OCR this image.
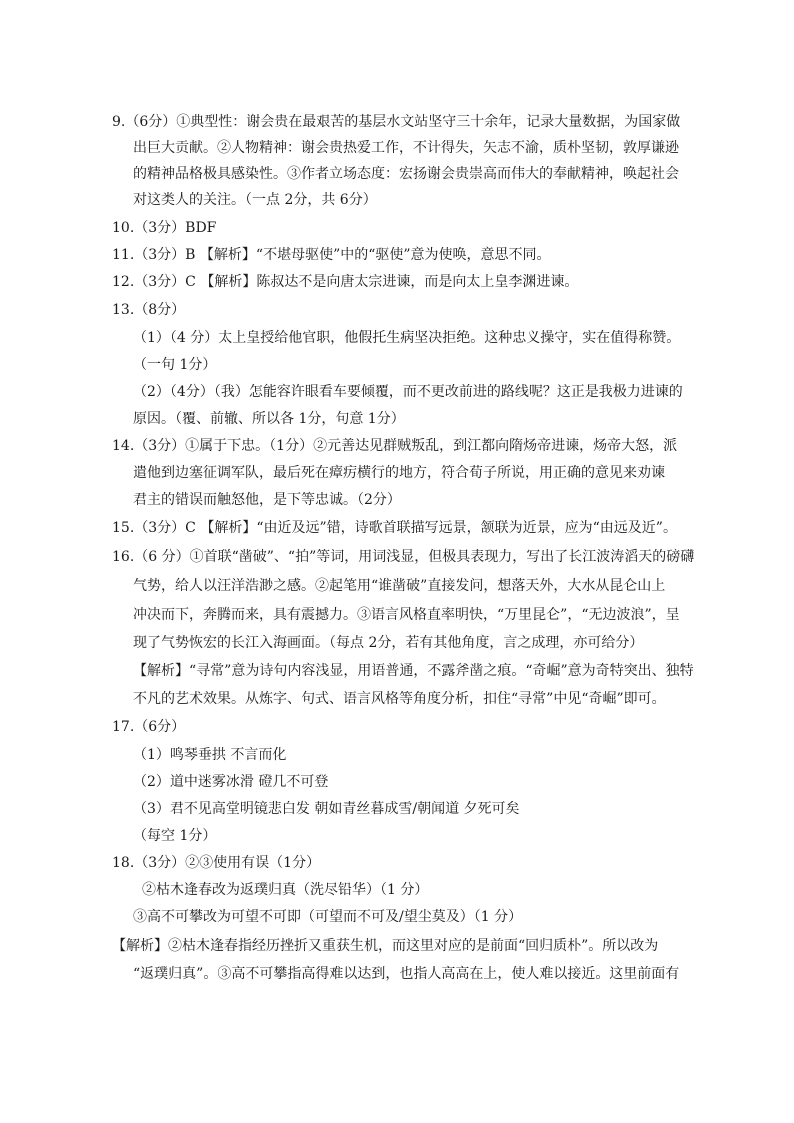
9.（6分）①典型性：谢会贵在最艰苦的基层水文站坚守三十余年，记录大量数据，为国家做
出巨大贡献。②人物精神：谢会贵热爱工作，不计得失，矢志不渝，质朴坚韧，敦厚谦逊
的精神品格极具感染性。③作者立场态度：宏扬谢会贵崇高而伟大的奉献精神，唤起社会
对这类人的关注。（一点 2分，共 6分）
10.（3分）BDF
11.（3分）B 【解析】“不堪母驱使”中的“驱使”意为使唤，意思不同。
12.（3分）C 【解析】陈叔达不是向唐太宗进谏，而是向太上皇李渊进谏。
13.（8分）
（1）（4 分）太上皇授给他官职，他假托生病坚决拒绝。这种忠义操守，实在值得称赞。
（一句 1分）
（2）（4分）（我）怎能容许眼看车要倾覆，而不更改前进的路线呢？这正是我极力进谏的
原因。（覆、前辙、所以各 1分，句意 1分）
14.（3分）①属于下忠。（1分）②元善达见群贼叛乱，到江都向隋炀帝进谏，炀帝大怒，派
遣他到边塞征调军队，最后死在瘴疠横行的地方，符合荀子所说，用正确的意见来劝谏
君主的错误而触怒他，是下等忠诚。（2分）
15.（3分）C 【解析】“由近及远”错，诗歌首联描写远景，颔联为近景，应为“由远及近”。
16.（6 分）①首联“凿破”、“拍”等词，用词浅显，但极具表现力，写出了长江波涛滔天的磅礴
气势，给人以汪洋浩渺之感。②起笔用“谁凿破”直接发问，想落天外，大水从昆仑山上
冲决而下，奔腾而来，具有震撼力。③语言风格直率明快，“万里昆仑”，“无边波浪”，呈
现了气势恢宏的长江入海画面。（每点 2分，若有其他角度，言之成理，亦可给分）
【解析】“寻常”意为诗句内容浅显，用语普通，不露斧凿之痕。“奇崛”意为奇特突出、独特
不凡的艺术效果。从炼字、句式、语言风格等角度分析，扣住“寻常”中见“奇崛”即可。
17.（6分）
（1）鸣琴垂拱 不言而化
（2）道中迷雾冰滑 磴几不可登
（3）君不见高堂明镜悲白发 朝如青丝暮成雪/朝闻道 夕死可矣
（每空 1分）
18.（3分）②③使用有误（1分）
②枯木逢春改为返璞归真（洗尽铅华）（1 分）
③高不可攀改为可望不可即（可望而不可及/望尘莫及）（1 分）
【解析】②枯木逢春指经历挫折又重获生机，而这里对应的是前面“回归质朴”。所以改为
“返璞归真”。③高不可攀指高得难以达到，也指人高高在上，使人难以接近。这里前面有
